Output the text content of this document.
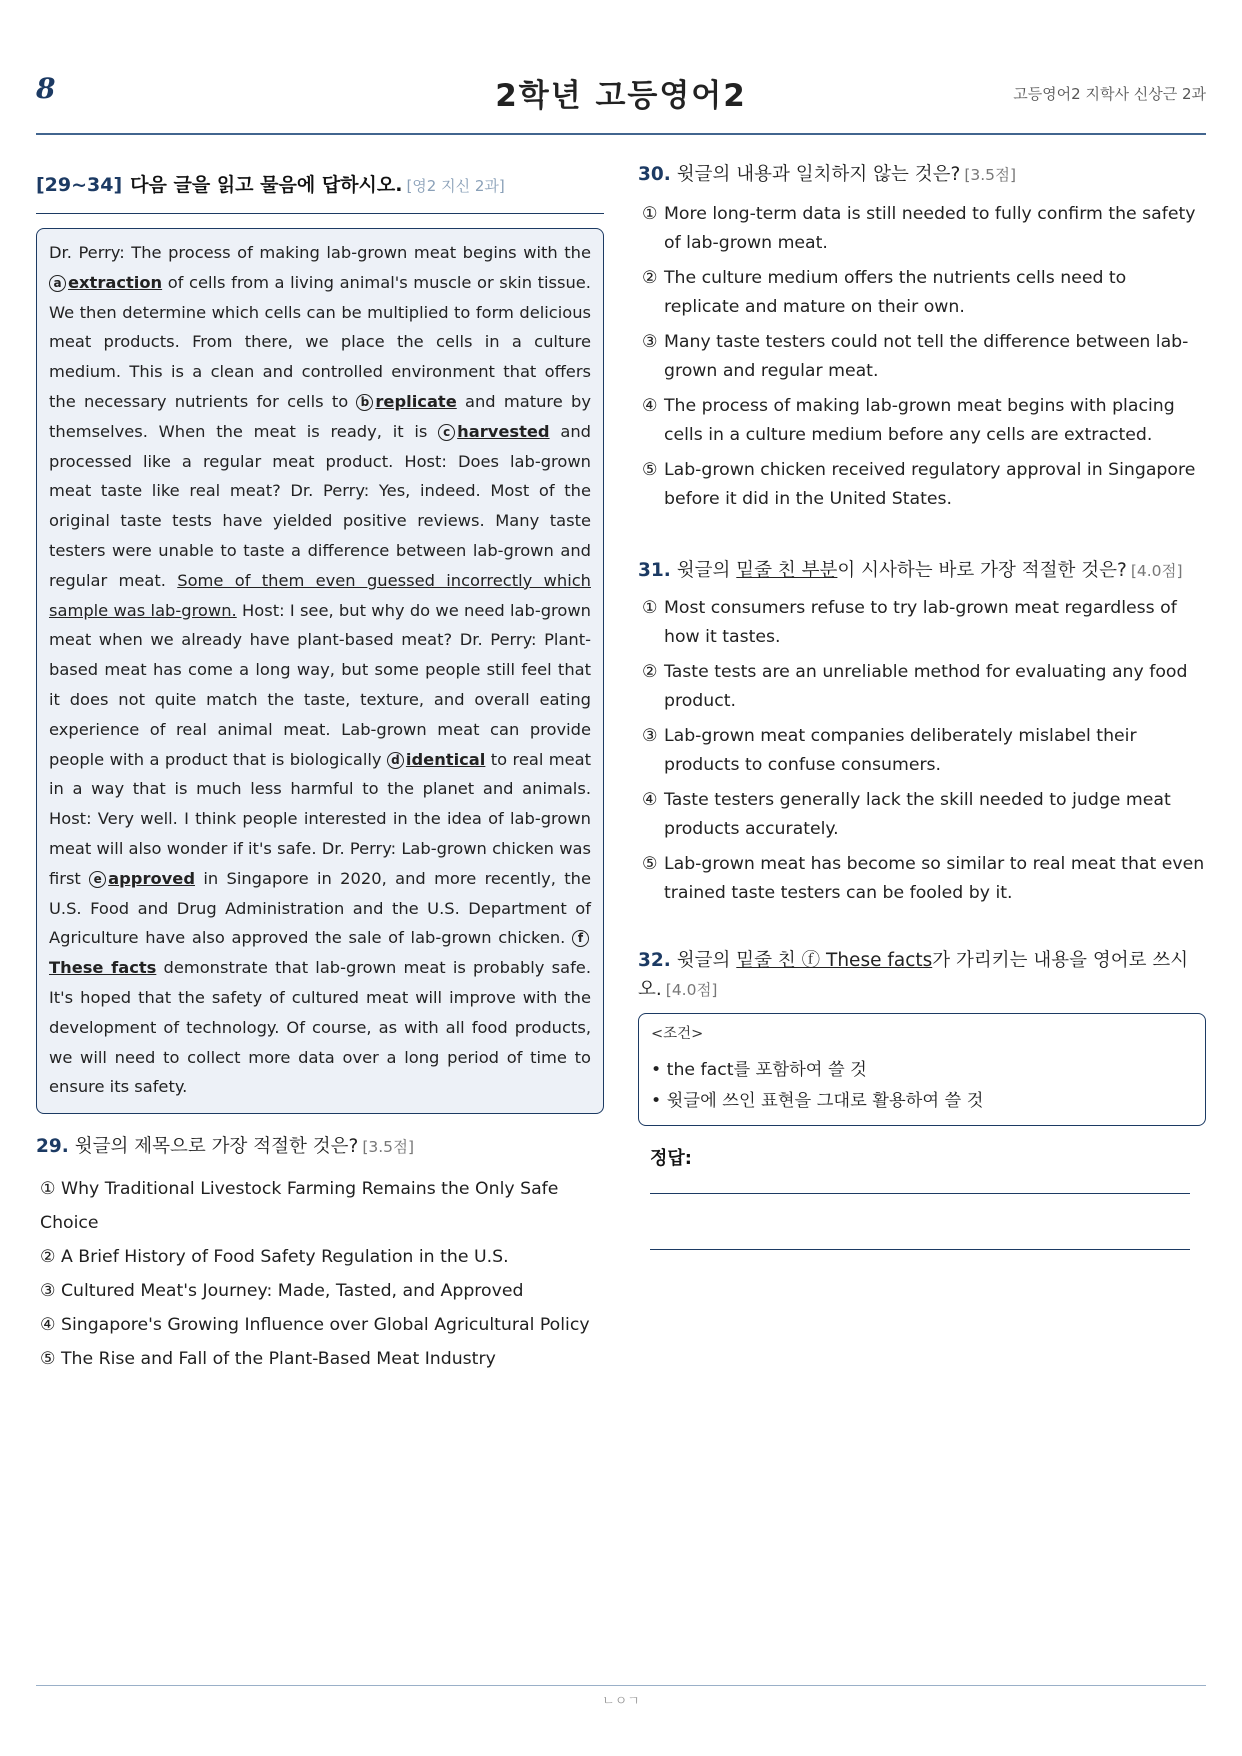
8	2학년 고등영어2	고등영어2 지학사 신상근 2과
[29~34] 다음 글을 읽고 물음에 답하시오. [영2 지신 2과]
Dr. Perry: The process of making lab-grown meat begins with the a extraction of cells from a living animal's muscle or skin tissue. We then determine which cells can be multiplied to form delicious meat products. From there, we place the cells in a culture medium. This is a clean and controlled environment that offers the necessary nutrients for cells to b replicate and mature by themselves. When the meat is ready, it is c harvested and processed like a regular meat product. Host: Does lab-grown meat taste like real meat? Dr. Perry: Yes, indeed. Most of the original taste tests have yielded positive reviews. Many taste testers were unable to taste a difference between lab-grown and regular meat. Some of them even guessed incorrectly which sample was lab-grown. Host: I see, but why do we need lab-grown meat when we already have plant-based meat? Dr. Perry: Plant-based meat has come a long way, but some people still feel that it does not quite match the taste, texture, and overall eating experience of real animal meat. Lab-grown meat can provide people with a product that is biologically d identical to real meat in a way that is much less harmful to the planet and animals. Host: Very well. I think people interested in the idea of lab-grown meat will also wonder if it's safe. Dr. Perry: Lab-grown chicken was first e approved in Singapore in 2020, and more recently, the U.S. Food and Drug Administration and the U.S. Department of Agriculture have also approved the sale of lab-grown chicken. fThese facts demonstrate that lab-grown meat is probably safe. It's hoped that the safety of cultured meat will improve with the development of technology. Of course, as with all food products, we will need to collect more data over a long period of time to ensure its safety.
29. 윗글의 제목으로 가장 적절한 것은? [3.5점]
① Why Traditional Livestock Farming Remains the Only Safe Choice
② A Brief History of Food Safety Regulation in the U.S.
③ Cultured Meat's Journey: Made, Tasted, and Approved
④ Singapore's Growing Influence over Global Agricultural Policy
⑤ The Rise and Fall of the Plant-Based Meat Industry
30. 윗글의 내용과 일치하지 않는 것은? [3.5점]
① More long-term data is still needed to fully confirm the safety of lab-grown meat.
② The culture medium offers the nutrients cells need to replicate and mature on their own.
③ Many taste testers could not tell the difference between lab-grown and regular meat.
④ The process of making lab-grown meat begins with placing cells in a culture medium before any cells are extracted.
⑤ Lab-grown chicken received regulatory approval in Singapore before it did in the United States.
31. 윗글의 밑줄 친 부분이 시사하는 바로 가장 적절한 것은? [4.0점]
① Most consumers refuse to try lab-grown meat regardless of how it tastes.
② Taste tests are an unreliable method for evaluating any food product.
③ Lab-grown meat companies deliberately mislabel their products to confuse consumers.
④ Taste testers generally lack the skill needed to judge meat products accurately.
⑤ Lab-grown meat has become so similar to real meat that even trained taste testers can be fooled by it.
32. 윗글의 밑줄 친 ⓕ These facts가 가리키는 내용을 영어로 쓰시오. [4.0점]
<조건>
• the fact를 포함하여 쓸 것
• 윗글에 쓰인 표현을 그대로 활용하여 쓸 것
정답:
ㄴㅇㄱ
